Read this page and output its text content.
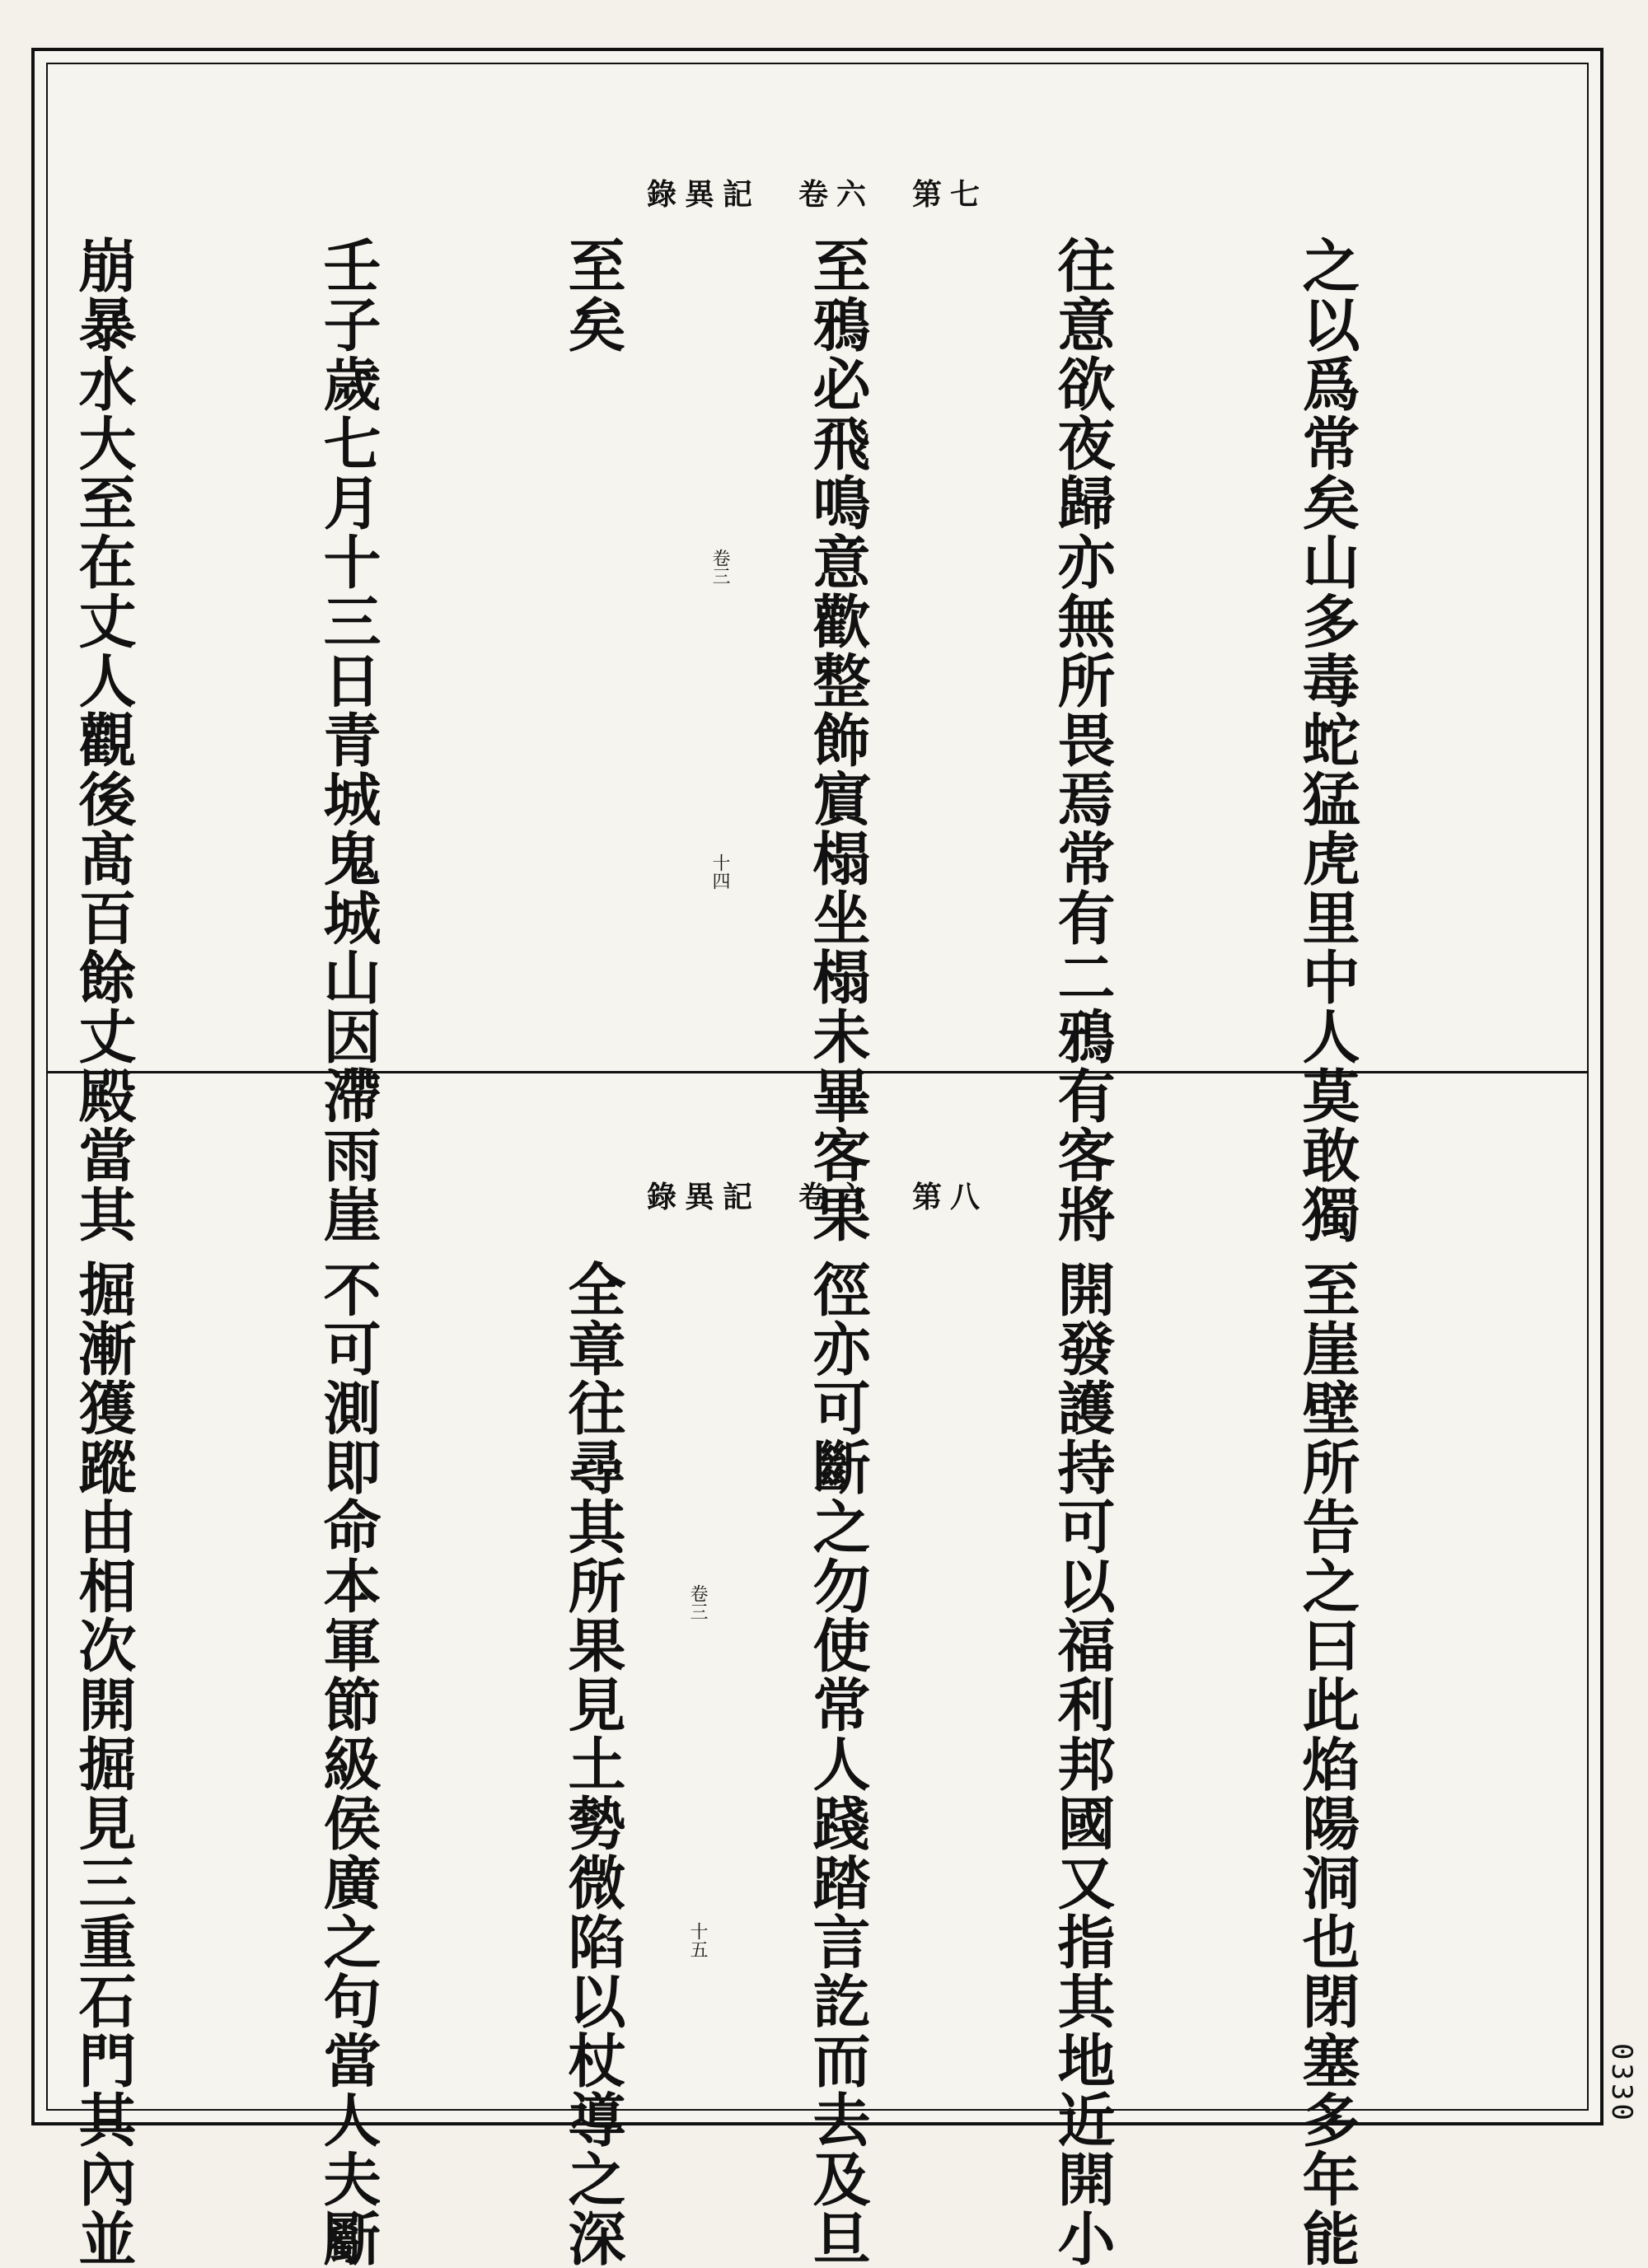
錄異記　卷六　第七
卷三
十四

	之以爲常矣山多毒蛇猛虎里中人莫敢獨

往意欲夜歸亦無所畏焉常有二鴉有客將

至鴉必飛鳴意歡整飾賔榻坐榻未畢客果

至矣

壬子歲七月十三日青城鬼城山因滯雨崖

崩暴水大至在丈人觀後髙百餘丈殿當其

	錄異記　卷六　第八
卷三
十五

	至崖壁所告之曰此焰陽洞也閉塞多年能

開發護持可以福利邦國又指其地近開小

徑亦可斷之勿使常人踐踏言訖而去及旦

全章往尋其所果見土勢微陷以杖導之深

不可測即命本軍節級侯廣之句當人夫斸

掘漸獲蹤由相次開掘見三重石門其內並

	0330
